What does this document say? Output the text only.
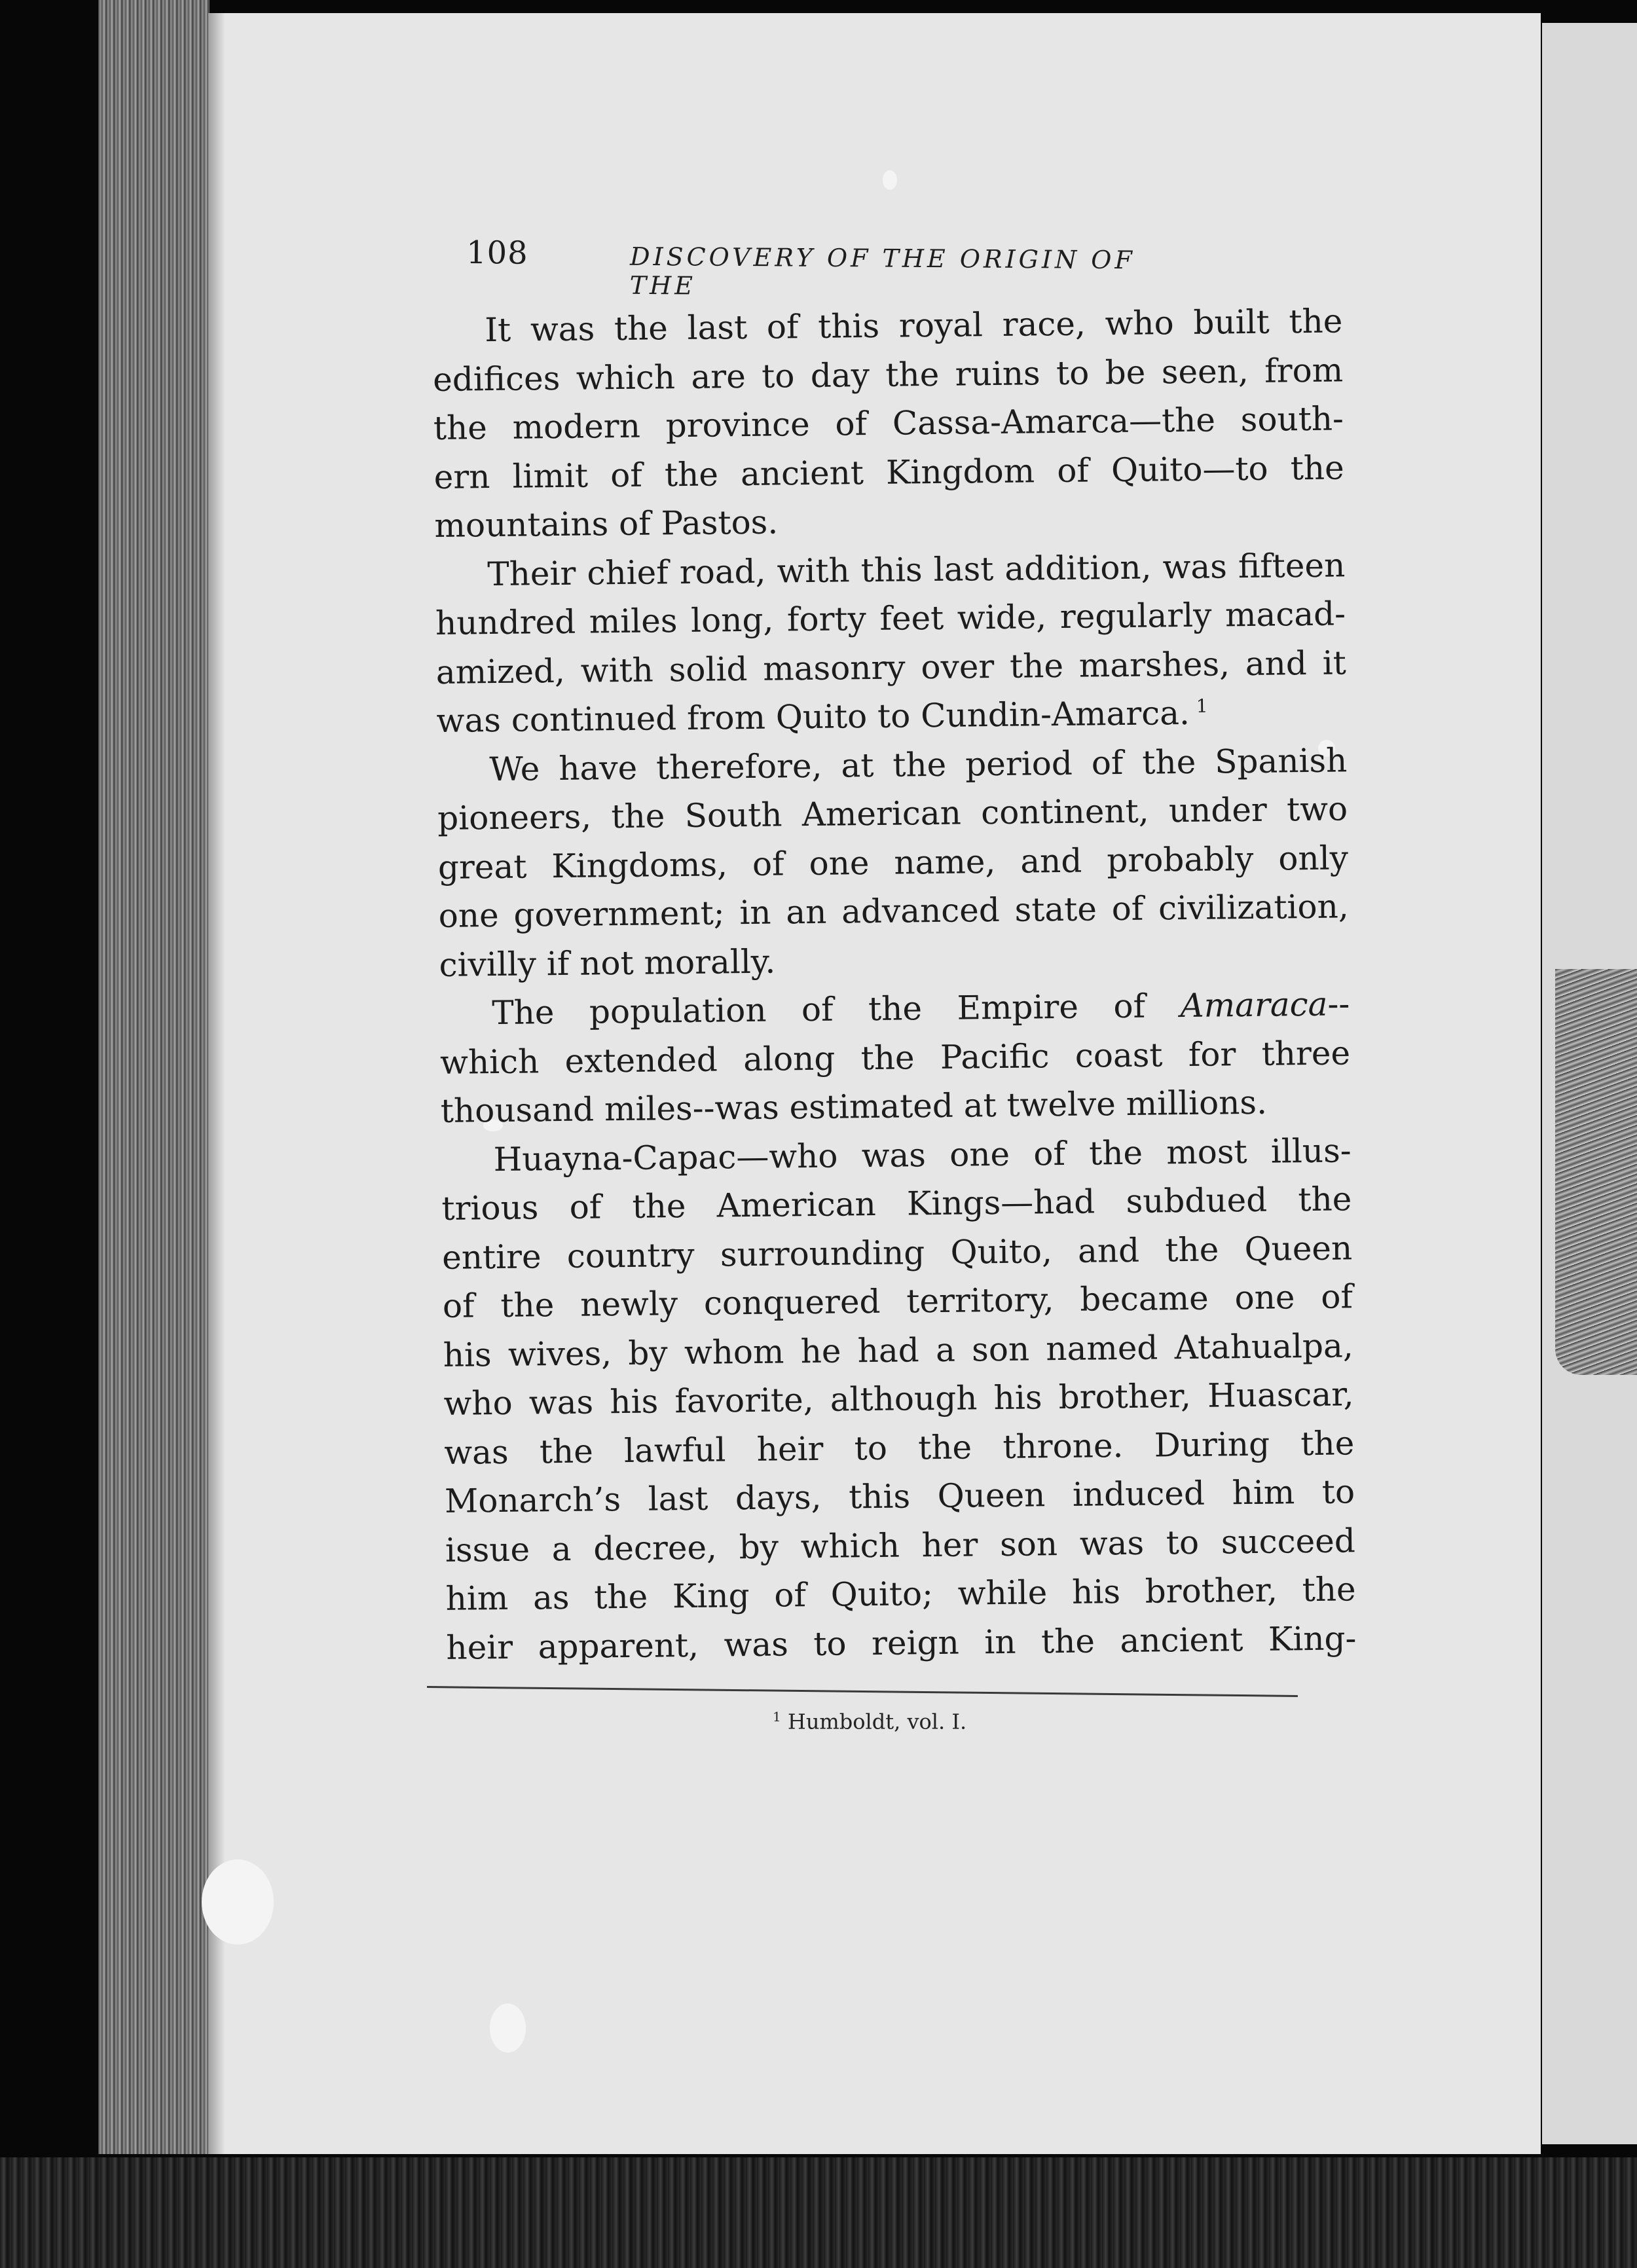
108	DISCOVERY OF THE ORIGIN OF THE
It was the last of this royal race, who built the
edifices which are to day the ruins to be seen, from
the modern province of Cassa-Amarca—the south-
ern limit of the ancient Kingdom of Quito—to the
mountains of Pastos.
Their chief road, with this last addition, was fifteen
hundred miles long, forty feet wide, regularly macad-
amized, with solid masonry over the marshes, and it
was continued from Quito to Cundin-Amarca. $^1$
We have therefore, at the period of the Spanish
pioneers, the South American continent, under two
great Kingdoms, of one name, and probably only
one government; in an advanced state of civilization,
civilly if not morally.
The population of the Empire of Amaraca--
which extended along the Pacific coast for three
thousand miles--was estimated at twelve millions.
Huayna-Capac—who was one of the most illus-
trious of the American Kings—had subdued the
entire country surrounding Quito, and the Queen
of the newly conquered territory, became one of
his wives, by whom he had a son named Atahualpa,
who was his favorite, although his brother, Huascar,
was the lawful heir to the throne. During the
Monarch’s last days, this Queen induced him to
issue a decree, by which her son was to succeed
him as the King of Quito; while his brother, the
heir apparent, was to reign in the ancient King-
$^1$ Humboldt, vol. I.
